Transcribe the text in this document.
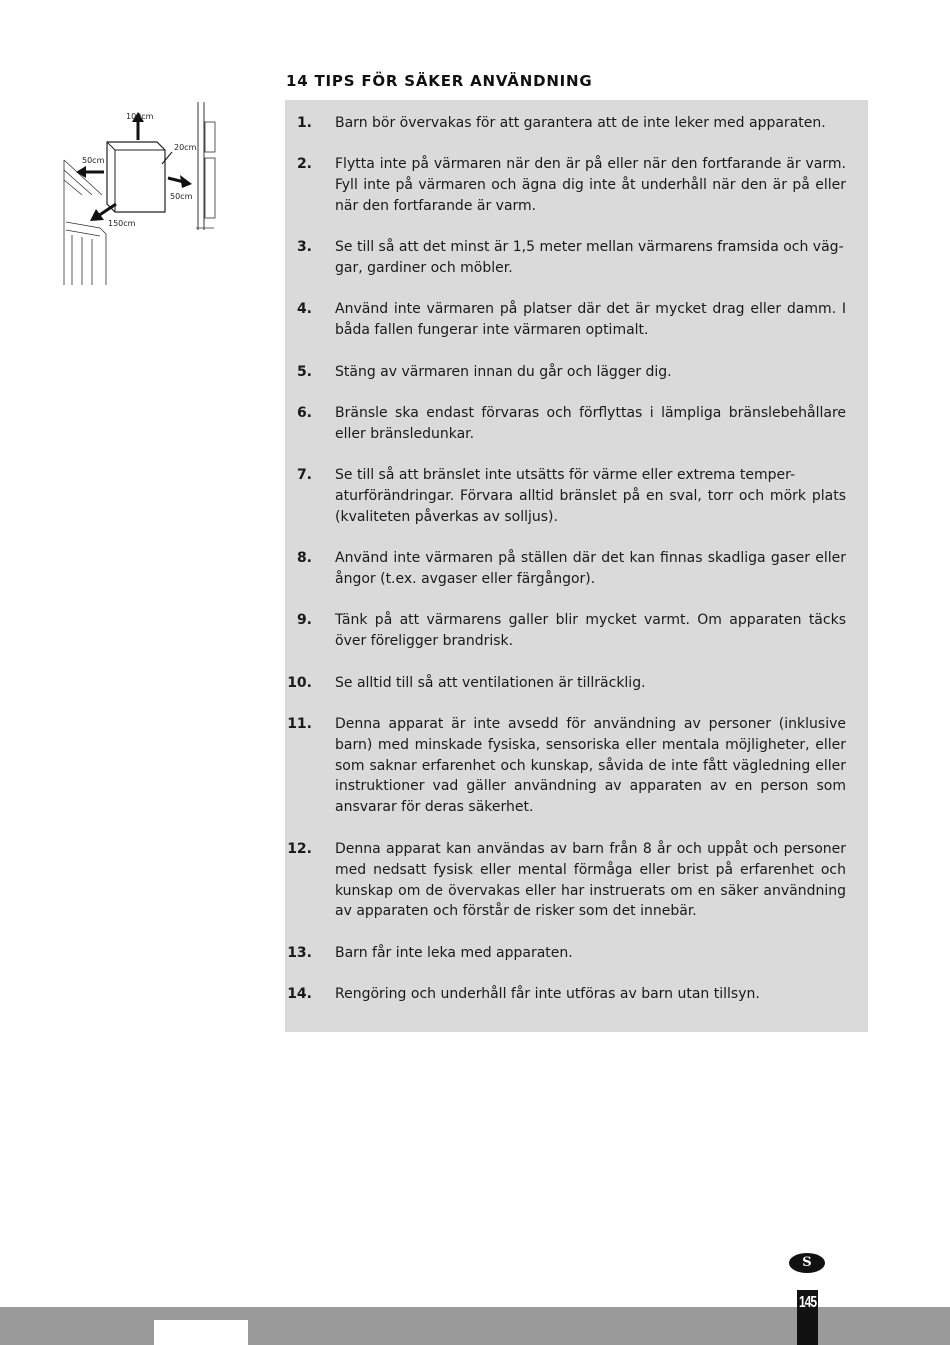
14 TIPS FÖR SÄKER ANVÄNDNING
100cm
50cm
20cm
50cm
150cm
1. Barn bör övervakas för att garantera att de inte leker med apparaten.

2. Flytta inte på värmaren när den är på eller när den fortfarande är varm. Fyll inte på värmaren och ägna dig inte åt underhåll när den är på eller när den fortfarande är varm.

3. Se till så att det minst är 1,5 meter mellan värmarens framsida och väg-
gar, gardiner och möbler.

4. Använd inte värmaren på platser där det är mycket drag eller damm. I båda fallen fungerar inte värmaren optimalt.

5. Stäng av värmaren innan du går och lägger dig.

6. Bränsle ska endast förvaras och förflyttas i lämpliga bränslebehållare eller bränsledunkar.

7. Se till så att bränslet inte utsätts för värme eller extrema temper-
aturförändringar. Förvara alltid bränslet på en sval, torr och mörk plats (kvaliteten påverkas av solljus).

8. Använd inte värmaren på ställen där det kan finnas skadliga gaser eller ångor (t.ex. avgaser eller färgångor).

9. Tänk på att värmarens galler blir mycket varmt. Om apparaten täcks över föreligger brandrisk.

10. Se alltid till så att ventilationen är tillräcklig.

11. Denna apparat är inte avsedd för användning av personer (inklusive barn) med minskade fysiska, sensoriska eller mentala möjligheter, eller som saknar erfarenhet och kunskap, såvida de inte fått vägledning eller instruktioner vad gäller användning av apparaten av en person som ansvarar för deras säkerhet.

12. Denna apparat kan användas av barn från 8 år och uppåt och personer med nedsatt fysisk eller mental förmåga eller brist på erfarenhet och kunskap om de övervakas eller har instruerats om en säker användning av apparaten och förstår de risker som det innebär.

13. Barn får inte leka med apparaten.

14. Rengöring och underhåll får inte utföras av barn utan tillsyn.

S
145
